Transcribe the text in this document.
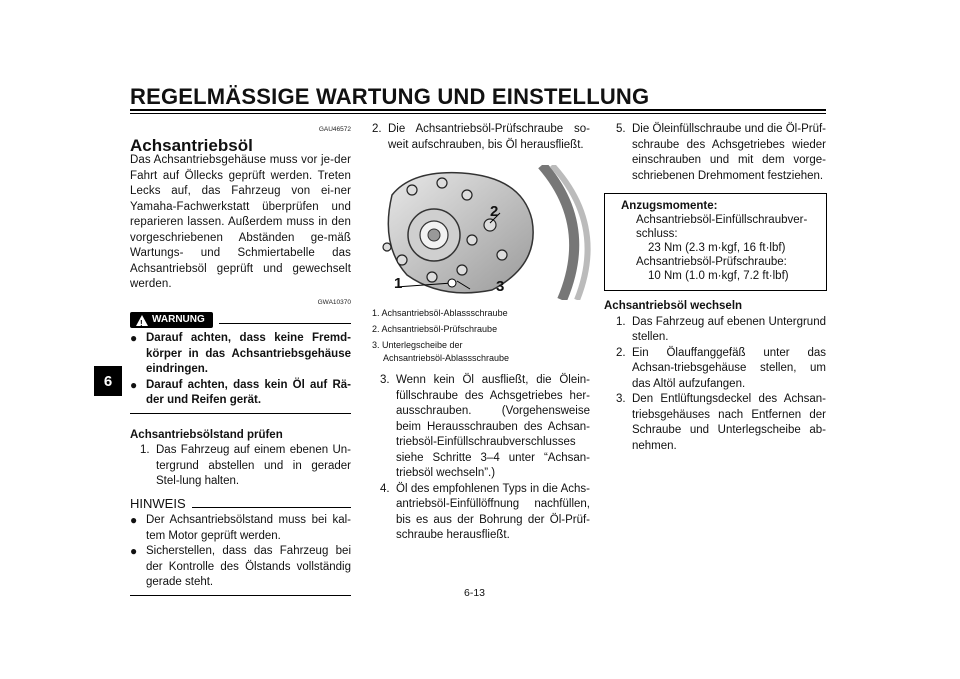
REGELMÄSSIGE WARTUNG UND EINSTELLUNG
6
GAU46572
Achsantriebsöl
Das Achsantriebsgehäuse muss vor je-der Fahrt auf Öllecks geprüft werden. Treten Lecks auf, das Fahrzeug von ei-ner Yamaha-Fachwerkstatt überprüfen und reparieren lassen. Außerdem muss in den vorgeschriebenen Abständen ge-mäß Wartungs- und Schmiertabelle das Achsantriebsöl geprüft und gewechselt werden.
GWA10370
! WARNUNG
● Darauf achten, dass keine Fremd-körper in das Achsantriebsgehäuse eindringen.
● Darauf achten, dass kein Öl auf Rä-der und Reifen gerät.
Achsantriebsölstand prüfen
1. Das Fahrzeug auf einem ebenen Un-tergrund abstellen und in gerader Stel-lung halten.
HINWEIS
● Der Achsantriebsölstand muss bei kal-tem Motor geprüft werden.
● Sicherstellen, dass das Fahrzeug bei der Kontrolle des Ölstands vollständig gerade steht.
2. Die Achsantriebsöl-Prüfschraube so-weit aufschrauben, bis Öl herausfließt.
1
2
3
1. Achsantriebsöl-Ablassschraube
2. Achsantriebsöl-Prüfschraube
3. Unterlegscheibe der
Achsantriebsöl-Ablassschraube
3. Wenn kein Öl ausfließt, die Ölein-füllschraube des Achsgetriebes her-ausschrauben. (Vorgehensweise beim Herausschrauben des Achsan-triebsöl-Einfüllschraubverschlusses siehe Schritte 3–4 unter “Achsan-triebsöl wechseln”.)
4. Öl des empfohlenen Typs in die Achs-antriebsöl-Einfüllöffnung nachfüllen, bis es aus der Bohrung der Öl-Prüf-schraube herausfließt.
5. Die Öleinfüllschraube und die Öl-Prüf-schraube des Achsgetriebes wieder einschrauben und mit dem vorge-schriebenen Drehmoment festziehen.
Anzugsmomente:
Achsantriebsöl-Einfüllschraubver-
schluss:
23 Nm (2.3 m·kgf, 16 ft·lbf)
Achsantriebsöl-Prüfschraube:
10 Nm (1.0 m·kgf, 7.2 ft·lbf)
Achsantriebsöl wechseln
1. Das Fahrzeug auf ebenen Untergrund stellen.
2. Ein Ölauffanggefäß unter das Achsan-triebsgehäuse stellen, um das Altöl aufzufangen.
3. Den Entlüftungsdeckel des Achsan-triebsgehäuses nach Entfernen der Schraube und Unterlegscheibe ab-nehmen.
6-13
